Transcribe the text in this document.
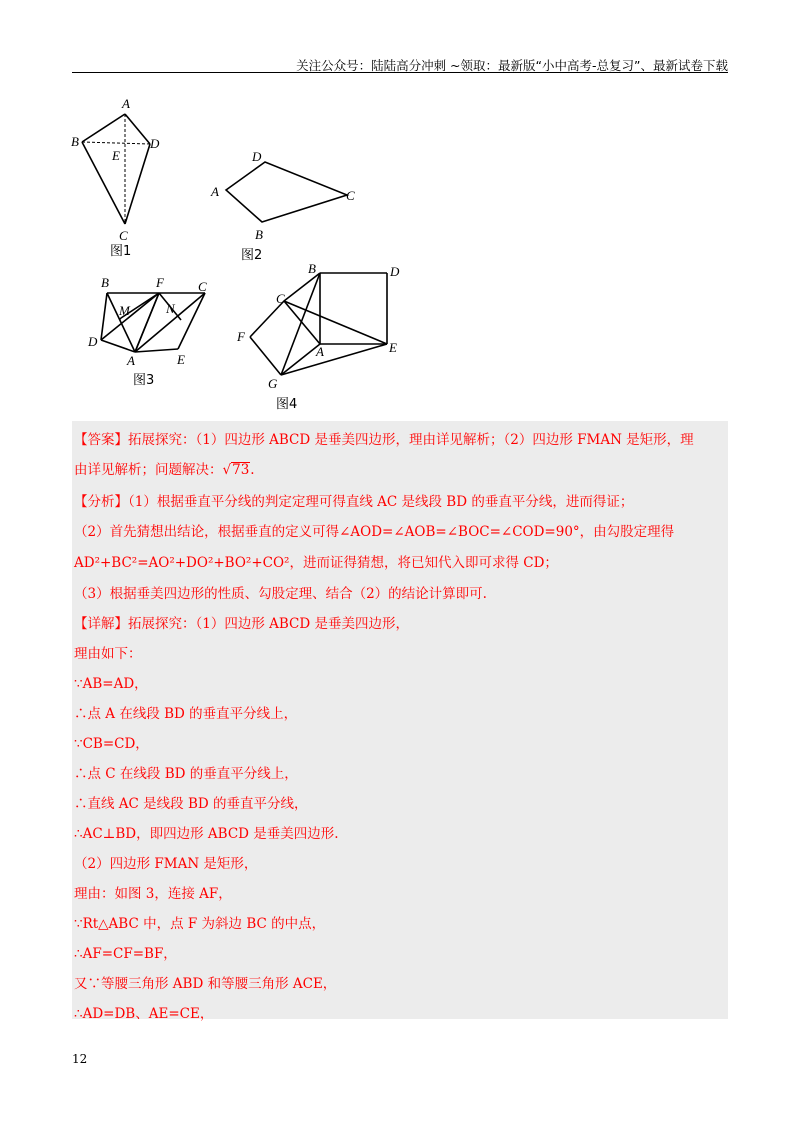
关注公众号：陆陆高分冲刺 ~领取：最新版“小中高考-总复习”、最新试卷下载
A
B	D
E
C
图1
D
A	C
B
图2
B	F	C
M	N
D
A	E
图3
B	D
C
F
A	E
G
图4
【答案】拓展探究：（1）四边形 ABCD 是垂美四边形，理由详见解析；（2）四边形 FMAN 是矩形，理
由详见解析；问题解决：√73.
【分析】（1）根据垂直平分线的判定定理可得直线 AC 是线段 BD 的垂直平分线，进而得证；
（2）首先猜想出结论，根据垂直的定义可得∠AOD=∠AOB=∠BOC=∠COD=90°，由勾股定理得
AD²+BC²=AO²+DO²+BO²+CO²，进而证得猜想，将已知代入即可求得 CD；
（3）根据垂美四边形的性质、勾股定理、结合（2）的结论计算即可.
【详解】拓展探究：（1）四边形 ABCD 是垂美四边形，
理由如下：
∵AB=AD，
∴点 A 在线段 BD 的垂直平分线上，
∵CB=CD，
∴点 C 在线段 BD 的垂直平分线上，
∴直线 AC 是线段 BD 的垂直平分线，
∴AC⊥BD，即四边形 ABCD 是垂美四边形.
（2）四边形 FMAN 是矩形，
理由：如图 3，连接 AF，
∵Rt△ABC 中，点 F 为斜边 BC 的中点，
∴AF=CF=BF，
又∵等腰三角形 ABD 和等腰三角形 ACE，
∴AD=DB、AE=CE，
12
